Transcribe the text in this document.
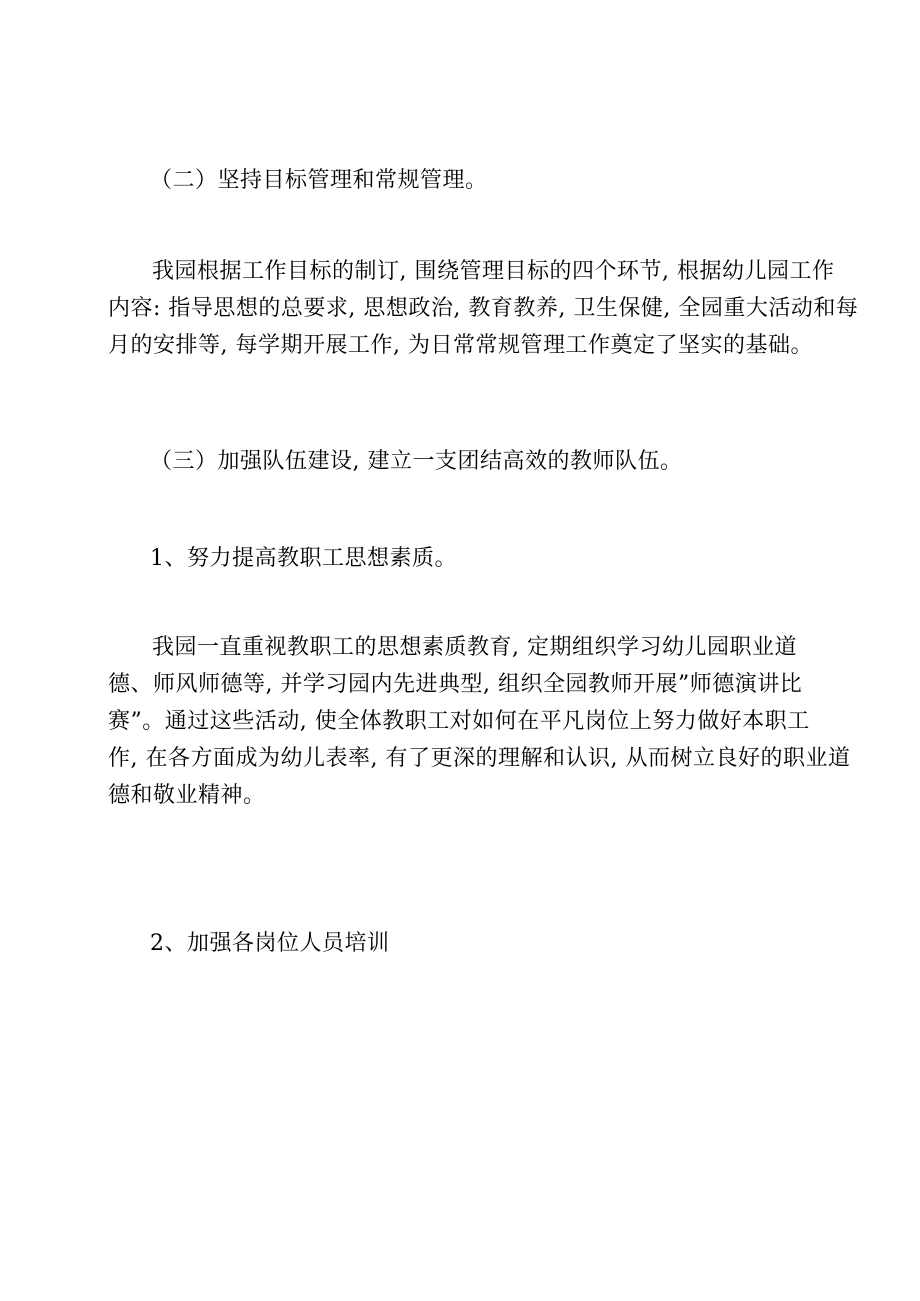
（二）坚持目标管理和常规管理。
我园根据工作目标的制订, 围绕管理目标的四个环节, 根据幼儿园工作
内容: 指导思想的总要求, 思想政治, 教育教养, 卫生保健, 全园重大活动和每
月的安排等, 每学期开展工作, 为日常常规管理工作奠定了坚实的基础。
（三）加强队伍建设, 建立一支团结高效的教师队伍。
1、努力提高教职工思想素质。
我园一直重视教职工的思想素质教育, 定期组织学习幼儿园职业道
德、师风师德等, 并学习园内先进典型, 组织全园教师开展”师德演讲比
赛”。通过这些活动, 使全体教职工对如何在平凡岗位上努力做好本职工
作, 在各方面成为幼儿表率, 有了更深的理解和认识, 从而树立良好的职业道
德和敬业精神。
2、加强各岗位人员培训
